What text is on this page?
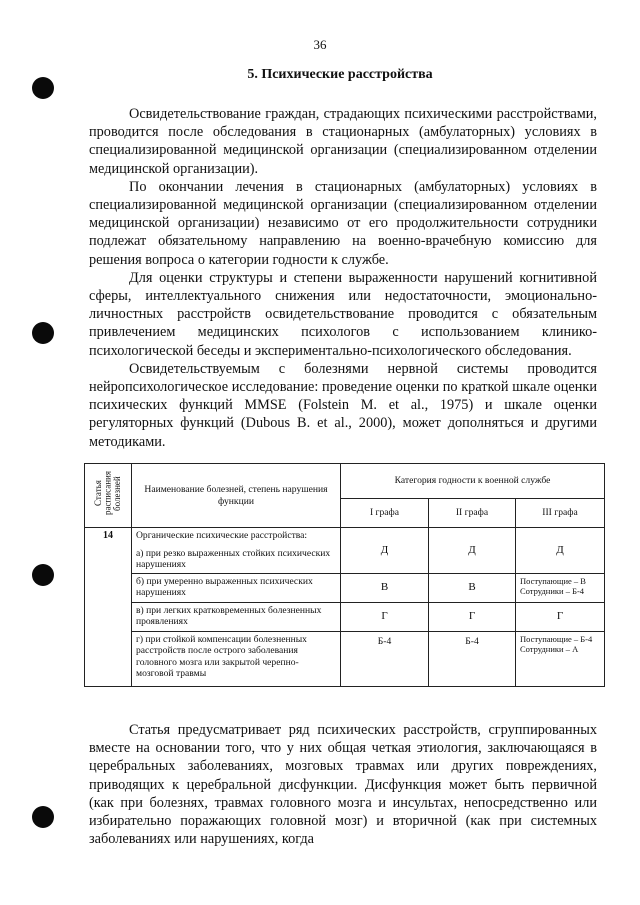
36
5. Психические расстройства

Освидетельствование граждан, страдающих психическими расстройствами, проводится после обследования в стационарных (амбулаторных) условиях в специализированной медицинской организации (специализированном отделении медицинской организации).

По окончании лечения в стационарных (амбулаторных) условиях в специализированной медицинской организации (специализированном отделении медицинской организации) независимо от его продолжительности сотрудники подлежат обязательному направлению на военно-врачебную комиссию для решения вопроса о категории годности к службе.

Для оценки структуры и степени выраженности нарушений когнитивной сферы, интеллектуального снижения или недостаточности, эмоционально-личностных расстройств освидетельствование проводится с обязательным привлечением медицинских психологов с использованием клинико-психологической беседы и экспериментально-психологического обследования.

Освидетельствуемым с болезнями нервной системы проводится нейропсихологическое исследование: проведение оценки по краткой шкале оценки психических функций MMSE (Folstein M. et al., 1975) и шкале оценки регуляторных функций (Dubous B. et al., 2000), может дополняться и другими методиками.

Статья расписания болезней	Наименование болезней, степень нарушения функции	Категория годности к военной службе		
		I графа	II графа	III графа
14	Органические психические расстройства:
а) при резко выраженных стойких психических нарушениях	Д	Д	Д
	б) при умеренно выраженных психических нарушениях	В	В	Поступающие – В
Сотрудники – Б-4

	в) при легких кратковременных болезненных проявлениях	Г	Г	Г
	г) при стойкой компенсации болезненных расстройств после острого заболевания головного мозга или закрытой черепно-мозговой травмы	Б-4	Б-4	Поступающие – Б-4
Сотрудники – А

Статья предусматривает ряд психических расстройств, сгруппированных вместе на основании того, что у них общая четкая этиология, заключающаяся в церебральных заболеваниях, мозговых травмах или других повреждениях, приводящих к церебральной дисфункции. Дисфункция может быть первичной (как при болезнях, травмах головного мозга и инсультах, непосредственно или избирательно поражающих головной мозг) и вторичной (как при системных заболеваниях или нарушениях, когда
